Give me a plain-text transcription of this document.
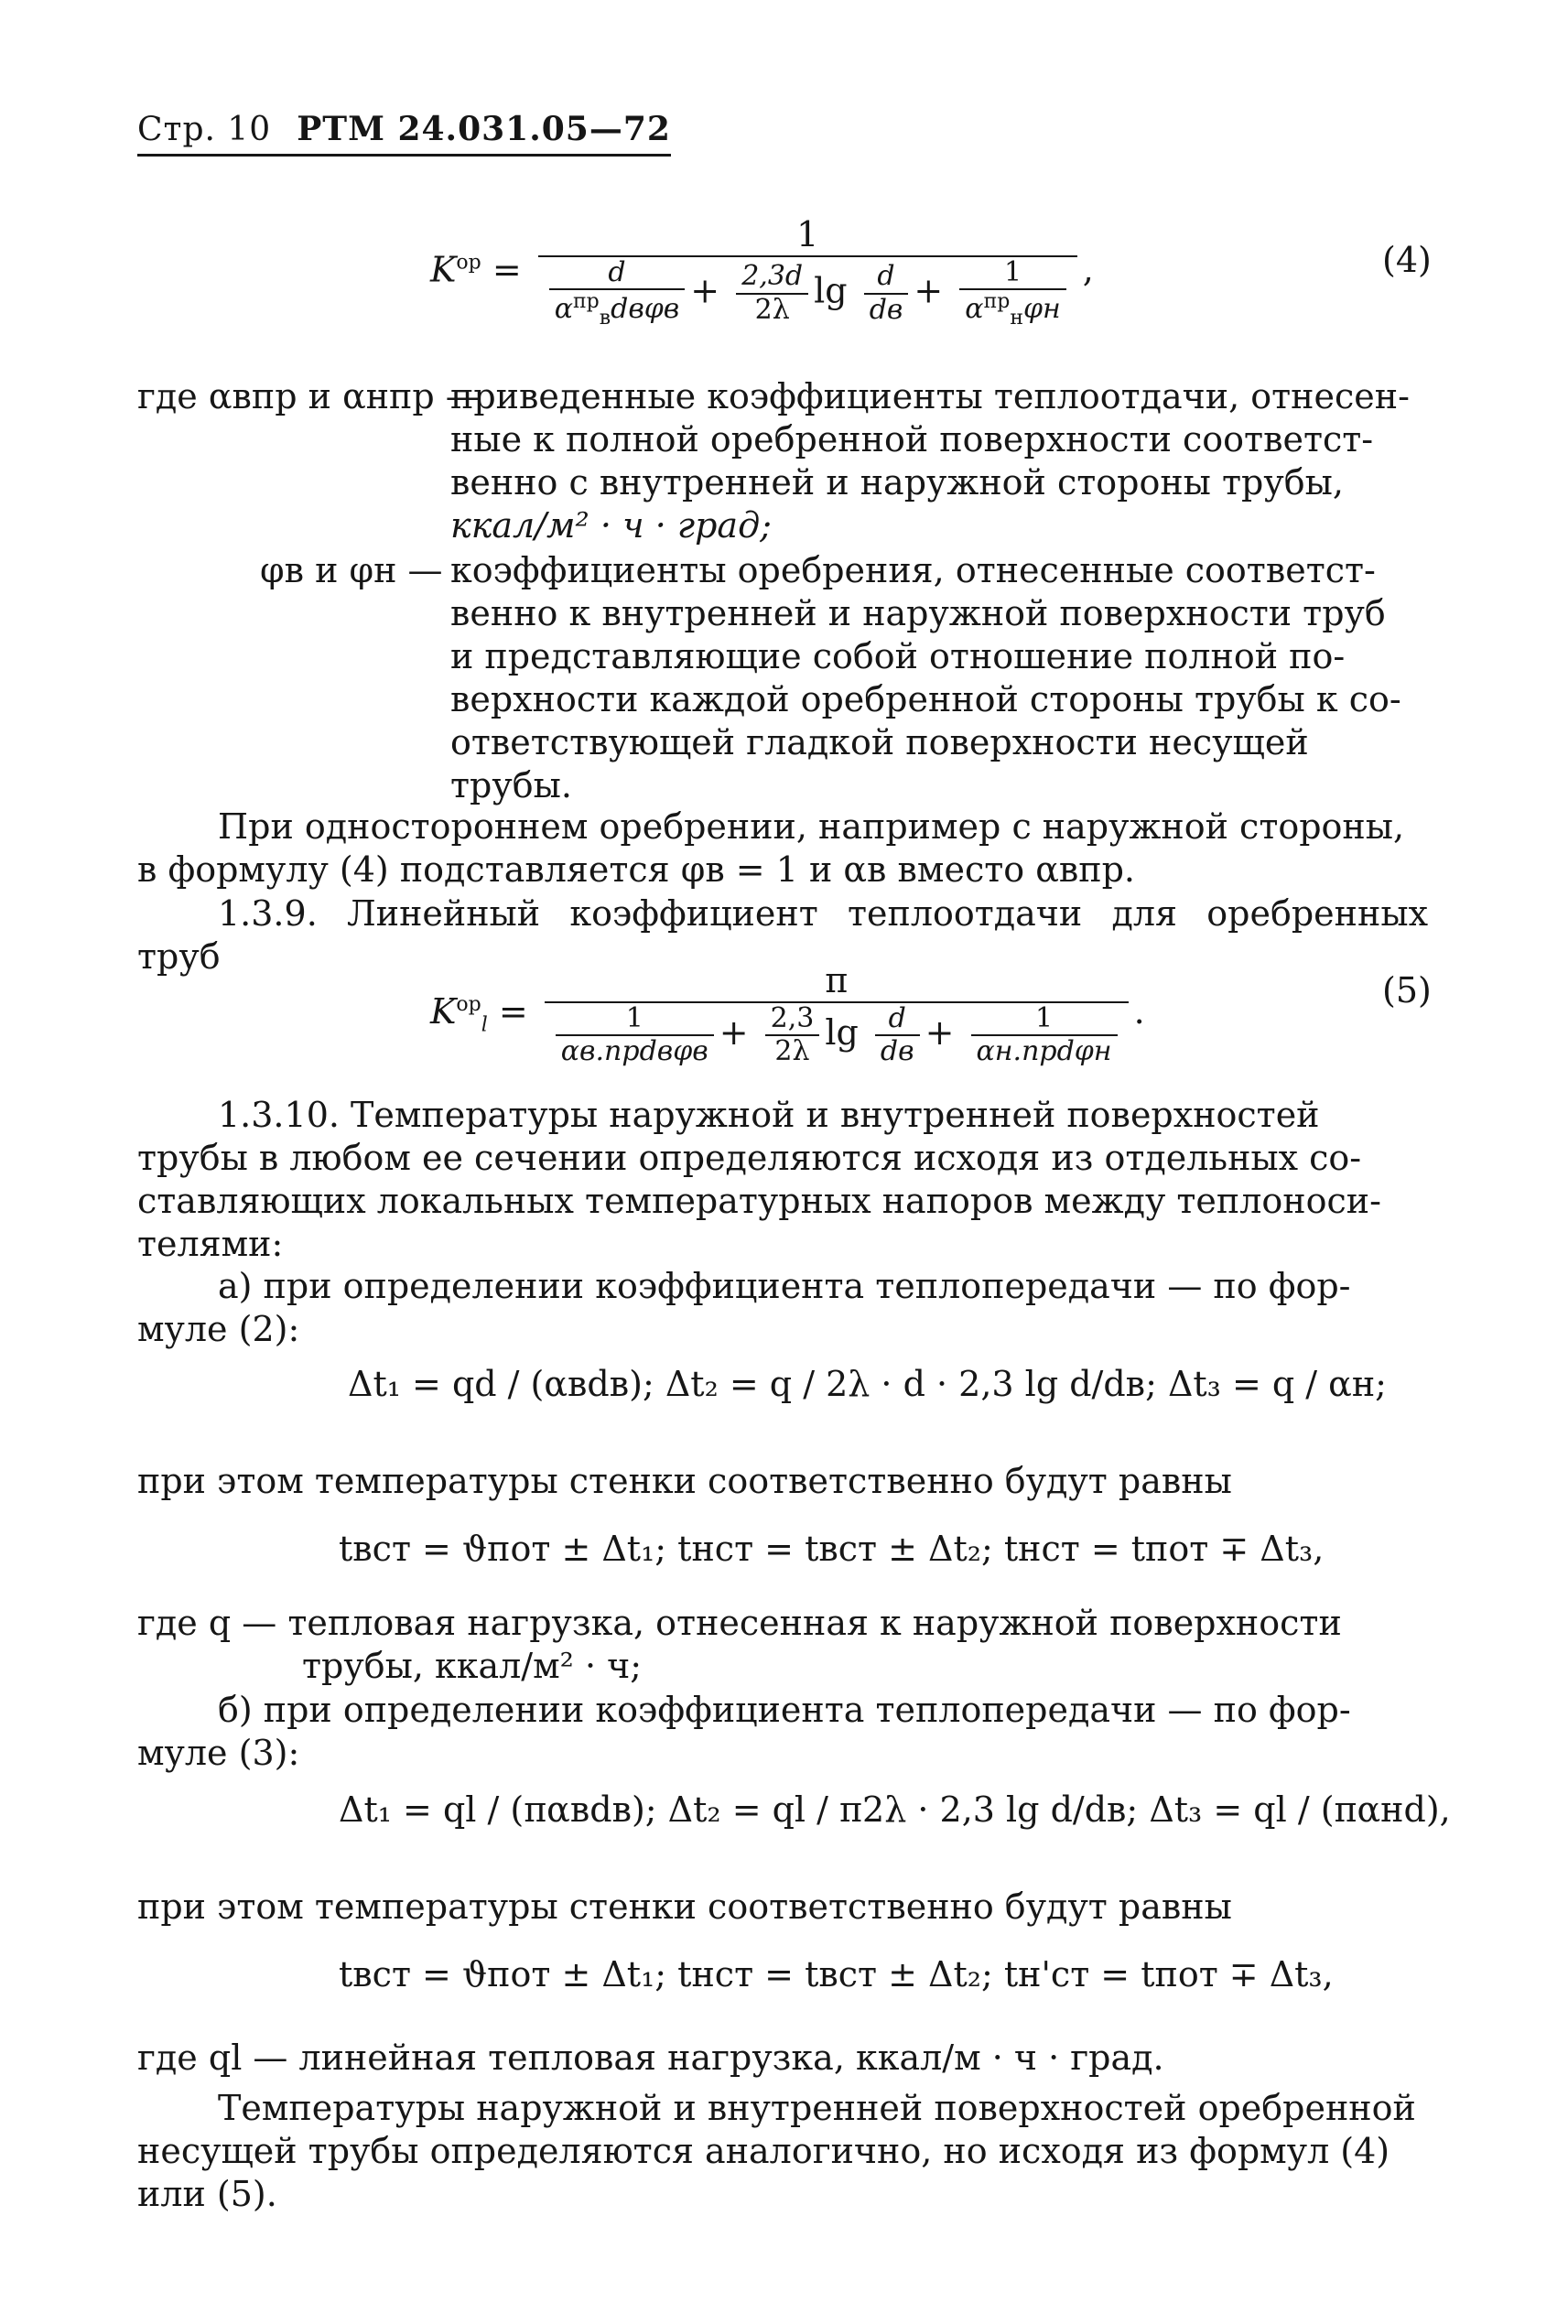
Стр. 10 РТМ 24.031.05—72
$K^{ор}$ =
1
$\frac{d}{\alpha^{пр}_вdв\varphi в} + \frac{2,3d}{2\lambda}$ $\lg \frac{d}{dв} + \frac{1}{\alpha^{пр}_н\varphi н}$ ,	(4)
где αвпр и αнпр —
приведенные коэффициенты теплоотдачи, отнесен-
ные к полной оребренной поверхности соответст-
венно с внутренней и наружной стороны трубы,
ккал/м² · ч · град;
φв и φн — коэффициенты оребрения, отнесенные соответст-
венно к внутренней и наружной поверхности труб
и представляющие собой отношение полной по-
верхности каждой оребренной стороны трубы к со-
ответствующей гладкой поверхности несущей
трубы.
При одностороннем оребрении, например с наружной стороны,
в формулу (4) подставляется φв = 1 и αв вместо αвпр.
1.3.9. Линейный коэффициент теплоотдачи для оребренных труб
$K^{ор}_l$ =
π
$\frac{1}{\text{αв.прdвφв}} + \frac{2,3}{2\lambda}$ $\lg \frac{d}{dв} + \frac{1}{\text{αн.прdφн}}$ .
(5)
1.3.10. Температуры наружной и внутренней поверхностей
трубы в любом ее сечении определяются исходя из отдельных со-
ставляющих локальных температурных напоров между теплоноси-
телями:
а) при определении коэффициента теплопередачи — по фор-
муле (2):
Δt₁ = qd / (αвdв); Δt₂ = q / 2λ · d · 2,3 lg d/dв; Δt₃ = q / αн;
при этом температуры стенки соответственно будут равны
tвст = ϑпот ± Δt₁; tнст = tвст ± Δt₂; tнст = tпот ∓ Δt₃,
где q — тепловая нагрузка, отнесенная к наружной поверхности
трубы, ккал/м² · ч;
б) при определении коэффициента теплопередачи — по фор-
муле (3):
Δt₁ = ql / (παвdв); Δt₂ = ql / π2λ · 2,3 lg d/dв; Δt₃ = ql / (παнd),
при этом температуры стенки соответственно будут равны
tвст = ϑпот ± Δt₁; tнст = tвст ± Δt₂; tн'ст = tпот ∓ Δt₃,
где ql — линейная тепловая нагрузка, ккал/м · ч · град.
Температуры наружной и внутренней поверхностей оребренной
несущей трубы определяются аналогично, но исходя из формул (4)
или (5).
